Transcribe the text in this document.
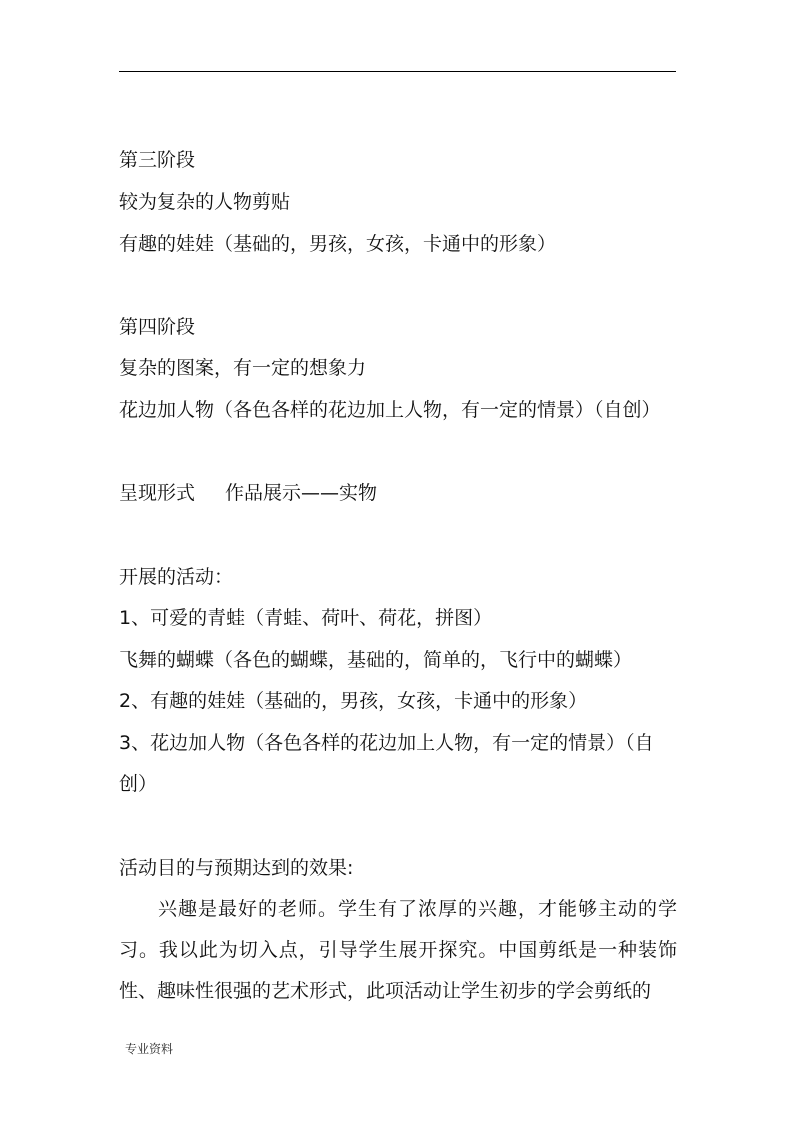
第三阶段
较为复杂的人物剪贴
有趣的娃娃（基础的，男孩，女孩，卡通中的形象）
第四阶段
复杂的图案，有一定的想象力
花边加人物（各色各样的花边加上人物，有一定的情景）（自创）
呈现形式 作品展示——实物
开展的活动：
1、可爱的青蛙（青蛙、荷叶、荷花，拼图）
飞舞的蝴蝶（各色的蝴蝶，基础的，简单的，飞行中的蝴蝶）
2、有趣的娃娃（基础的，男孩，女孩，卡通中的形象）
3、花边加人物（各色各样的花边加上人物，有一定的情景）（自
创）
活动目的与预期达到的效果:
兴趣是最好的老师。学生有了浓厚的兴趣，才能够主动的学习。我以此为切入点，引导学生展开探究。中国剪纸是一种装饰性、趣味性很强的艺术形式，此项活动让学生初步的学会剪纸的
专业资料
